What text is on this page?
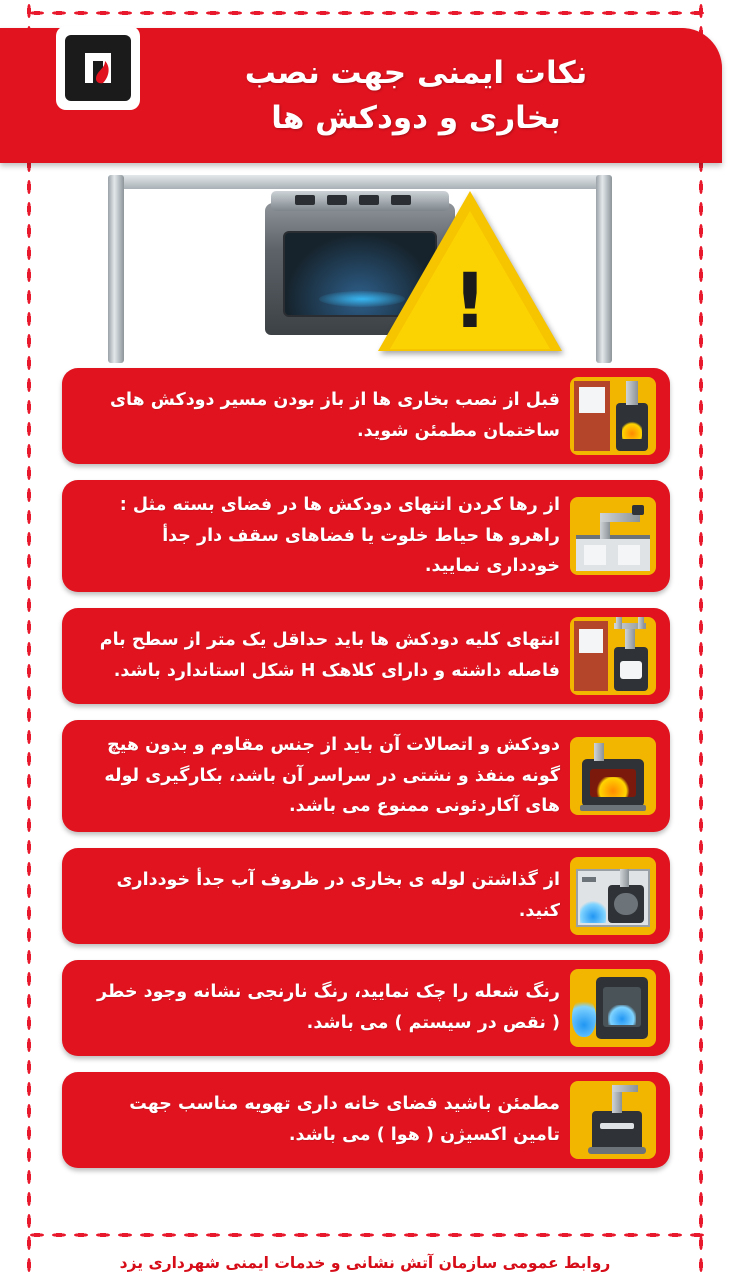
نکات ایمنی جهت نصب
بخاری و دودکش ها
!
قبل از نصب بخاری ها از باز بودن مسیر دودکش های ساختمان مطمئن شوید.
از رها کردن انتهای دودکش ها در فضای بسته مثل : راهرو ها حیاط خلوت یا فضاهای سقف دار جدأ خودداری نمایید.
انتهای کلیه دودکش ها باید حداقل یک متر از سطح بام فاصله داشته و دارای کلاهک H شکل استاندارد باشد.
دودکش و اتصالات آن باید از جنس مقاوم و بدون هیچ گونه منفذ و نشتی در سراسر آن باشد، بکارگیری لوله های آکاردئونی ممنوع می باشد.
از گذاشتن لوله ی بخاری در ظروف آب جدأ خودداری کنید.
رنگ شعله را چک نمایید، رنگ نارنجی نشانه وجود خطر ( نقص در سیستم ) می باشد.
مطمئن باشید فضای خانه داری تهویه مناسب جهت تامین اکسیژن ( هوا ) می باشد.
روابط عمومی سازمان آتش نشانی و خدمات ایمنی شهرداری یزد
